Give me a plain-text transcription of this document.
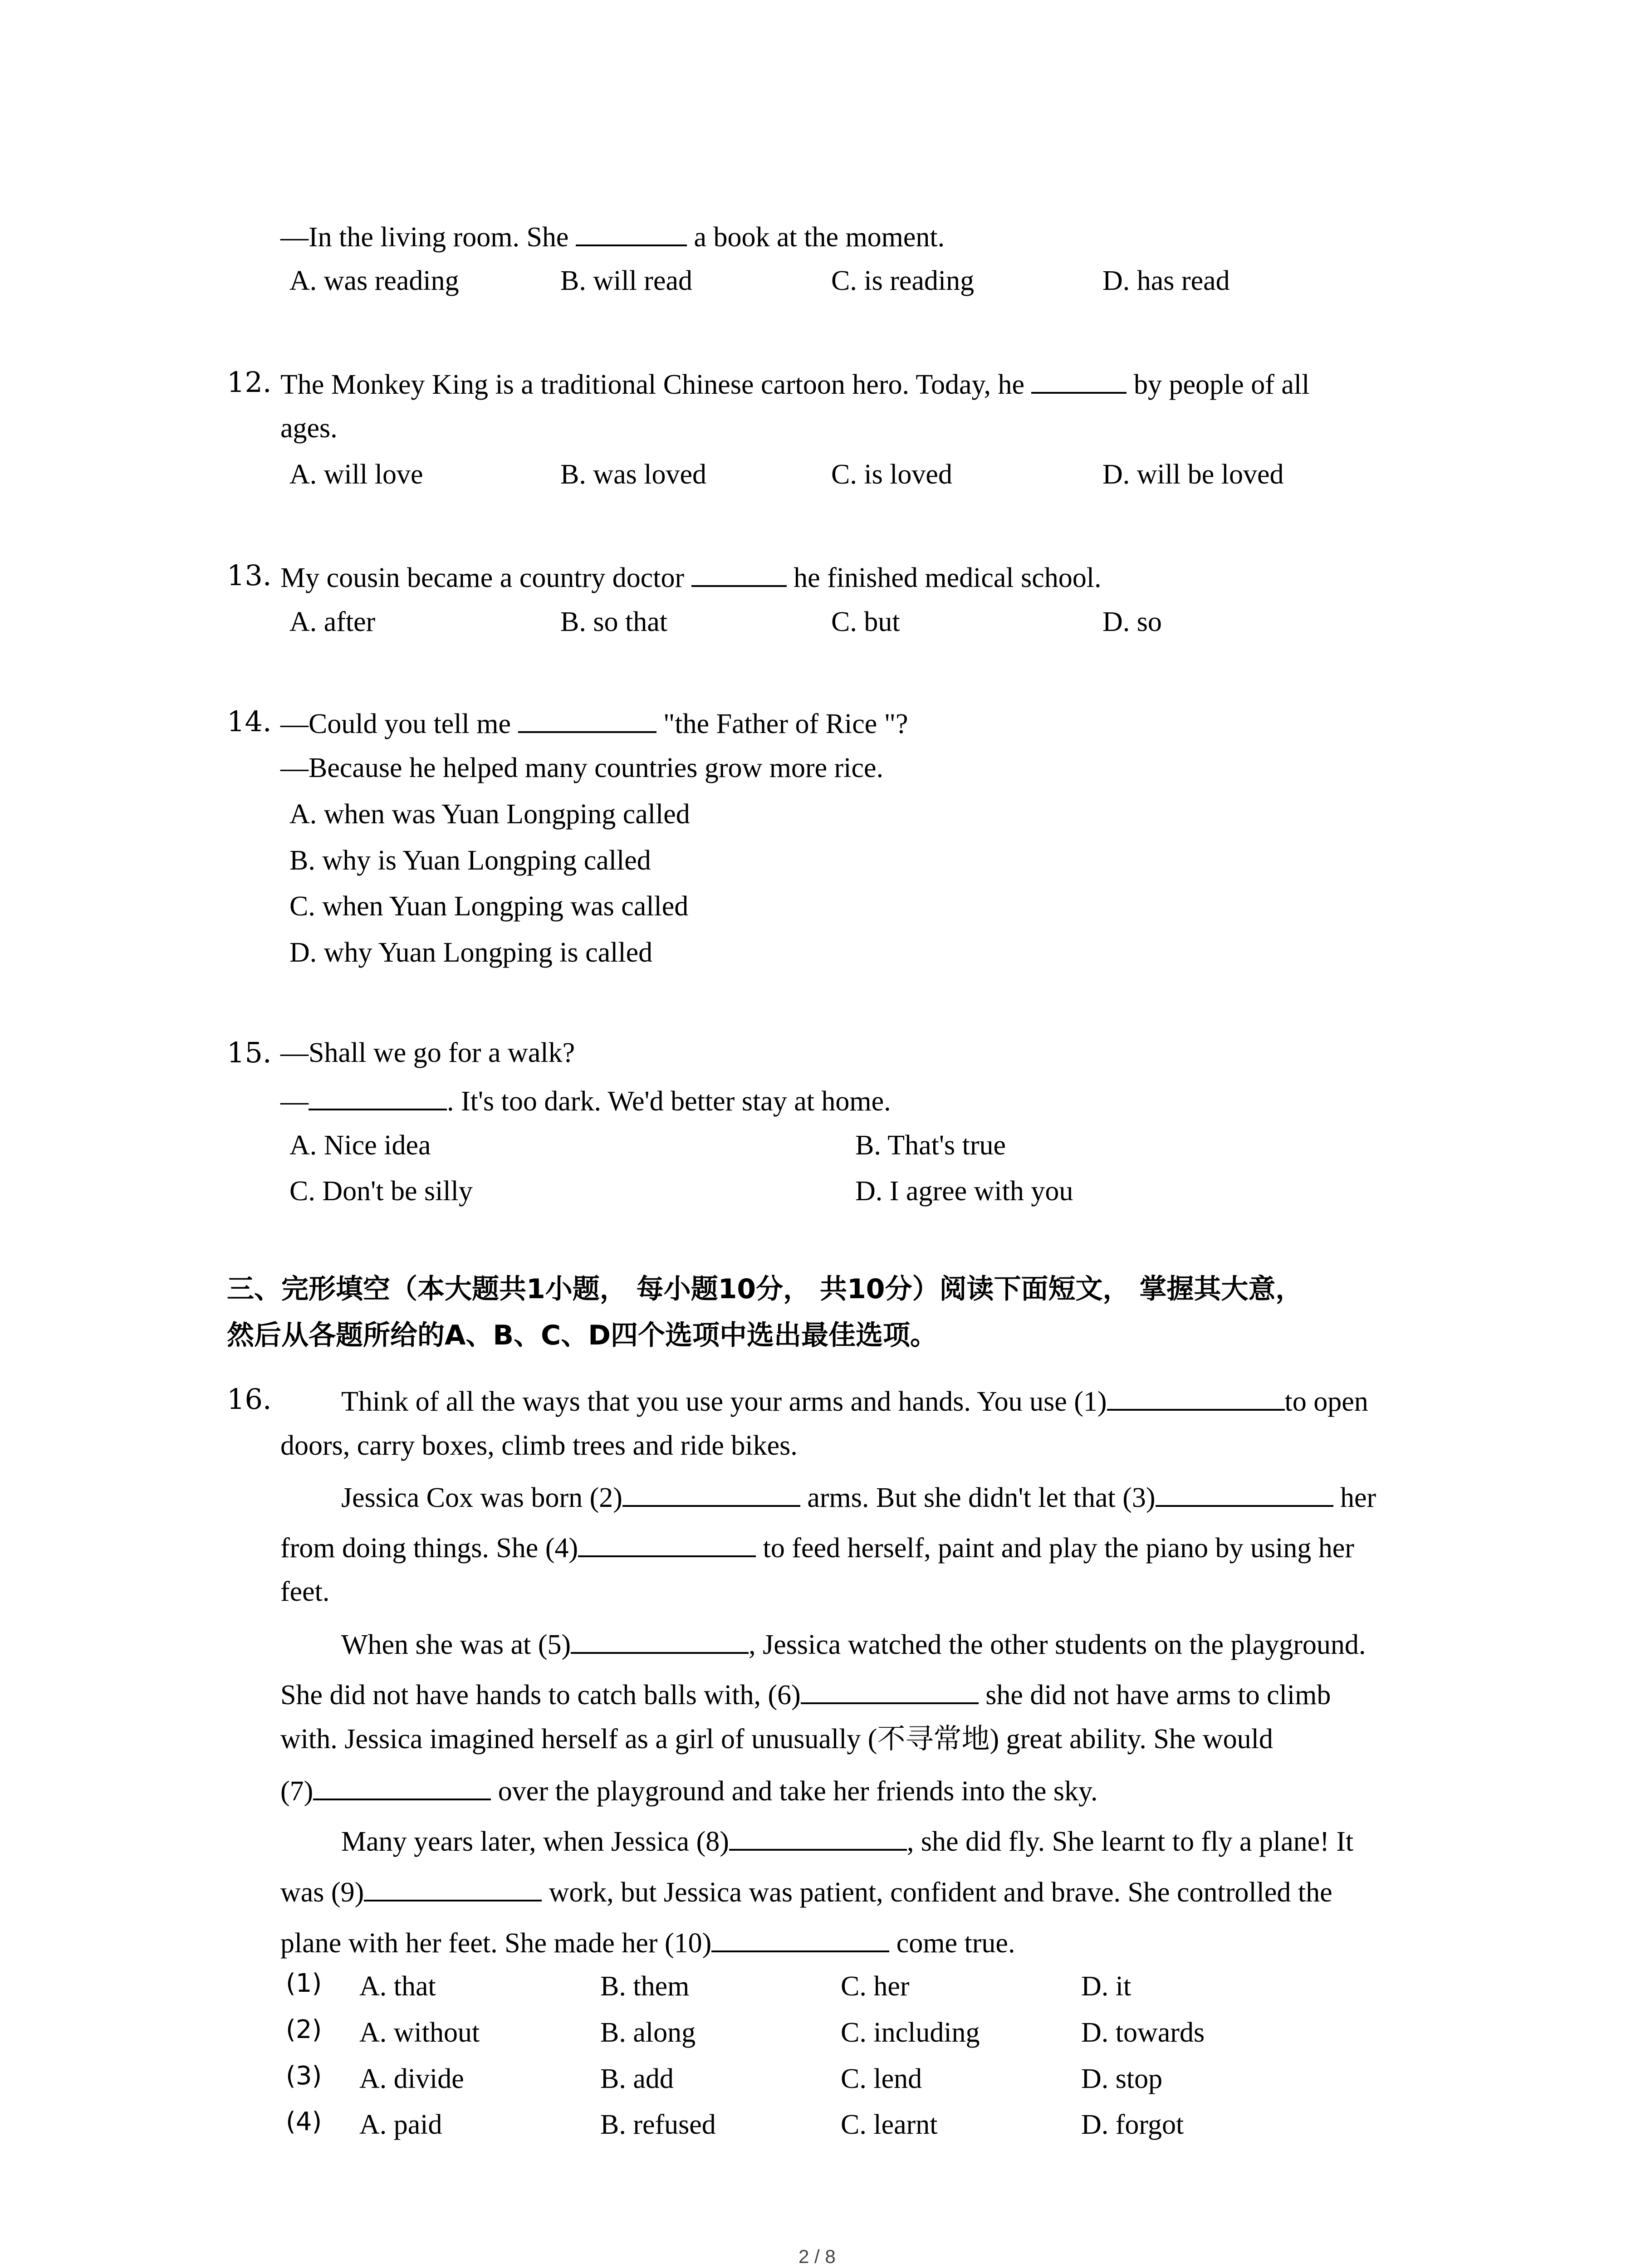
—In the living room. She	a book at the moment.
A. was reading	B. will read	C. is reading	D. has read
12. The Monkey King is a traditional Chinese cartoon hero. Today, he	by people of all
ages.
A. will love	B. was loved	C. is loved	D. will be loved
13. My cousin became a country doctor	he finished medical school.
A. after	B. so that	C. but	D. so
14. —Could you tell me	"the Father of Rice "?
—Because he helped many countries grow more rice.
A. when was Yuan Longping called
B. why is Yuan Longping called
C. when Yuan Longping was called
D. why Yuan Longping is called
15. —Shall we go for a walk?
—	. It's too dark. We'd better stay at home.
A. Nice idea	B. That's true
C. Don't be silly	D. I agree with you
三、完形填空（本大题共1小题， 每小题10分， 共10分）阅读下面短文， 掌握其大意，
然后从各题所给的A、B、C、D四个选项中选出最佳选项。
16. Think of all the ways that you use your arms and hands. You use (1)	to open
doors, carry boxes, climb trees and ride bikes.
Jessica Cox was born (2)	arms. But she didn't let that (3)	her
from doing things. She (4)	to feed herself, paint and play the piano by using her
feet.
When she was at (5)	, Jessica watched the other students on the playground.
She did not have hands to catch balls with, (6)	she did not have arms to climb
with. Jessica imagined herself as a girl of unusually (不寻常地) great ability. She would
(7)	over the playground and take her friends into the sky.
Many years later, when Jessica (8)	, she did fly. She learnt to fly a plane! It
was (9)	work, but Jessica was patient, confident and brave. She controlled the
plane with her feet. She made her (10)	come true.
(1) A. that	B. them	C. her	D. it
(2) A. without	B. along	C. including	D. towards
(3) A. divide	B. add	C. lend	D. stop
(4) A. paid	B. refused	C. learnt	D. forgot
2 / 8
